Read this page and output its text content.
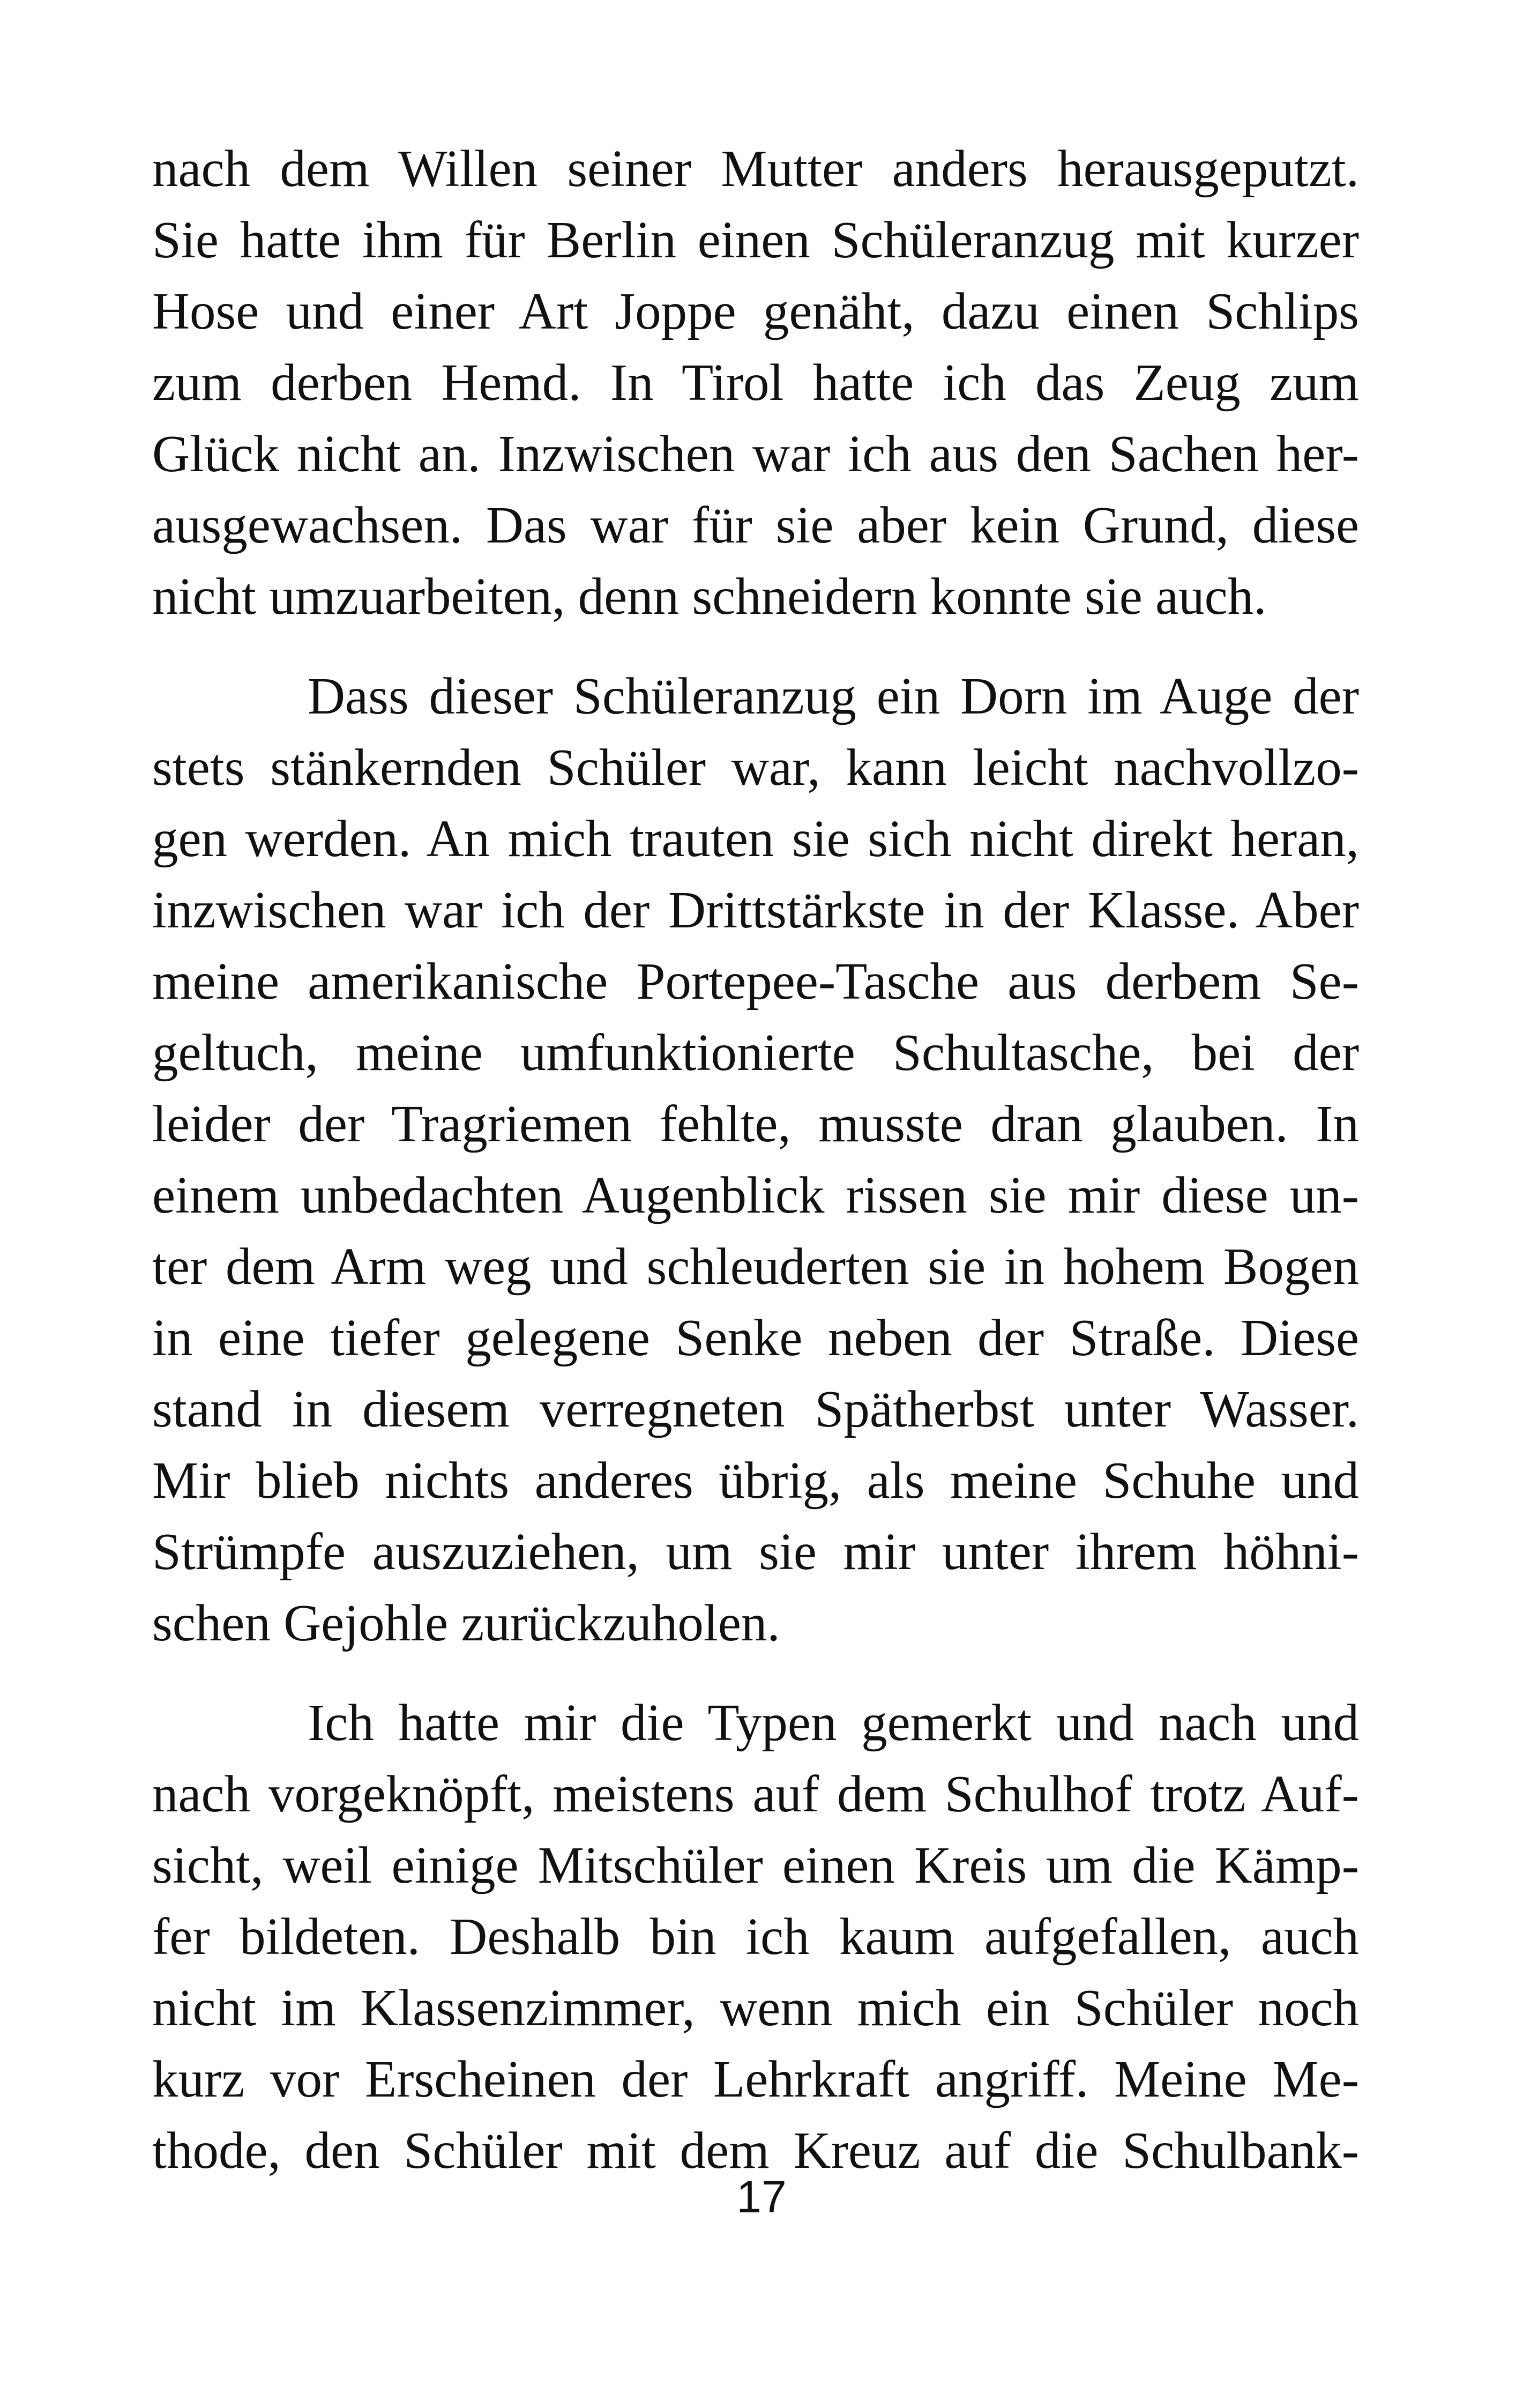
nach dem Willen seiner Mutter anders herausgeputzt.
Sie hatte ihm für Berlin einen Schüleranzug mit kurzer
Hose und einer Art Joppe genäht, dazu einen Schlips
zum derben Hemd. In Tirol hatte ich das Zeug zum
Glück nicht an. Inzwischen war ich aus den Sachen her-
ausgewachsen. Das war für sie aber kein Grund, diese
nicht umzuarbeiten, denn schneidern konnte sie auch.
Dass dieser Schüleranzug ein Dorn im Auge der
stets stänkernden Schüler war, kann leicht nachvollzo-
gen werden. An mich trauten sie sich nicht direkt heran,
inzwischen war ich der Drittstärkste in der Klasse. Aber
meine amerikanische Portepee-Tasche aus derbem Se-
geltuch, meine umfunktionierte Schultasche, bei der
leider der Tragriemen fehlte, musste dran glauben. In
einem unbedachten Augenblick rissen sie mir diese un-
ter dem Arm weg und schleuderten sie in hohem Bogen
in eine tiefer gelegene Senke neben der Straße. Diese
stand in diesem verregneten Spätherbst unter Wasser.
Mir blieb nichts anderes übrig, als meine Schuhe und
Strümpfe auszuziehen, um sie mir unter ihrem höhni-
schen Gejohle zurückzuholen.
Ich hatte mir die Typen gemerkt und nach und
nach vorgeknöpft, meistens auf dem Schulhof trotz Auf-
sicht, weil einige Mitschüler einen Kreis um die Kämp-
fer bildeten. Deshalb bin ich kaum aufgefallen, auch
nicht im Klassenzimmer, wenn mich ein Schüler noch
kurz vor Erscheinen der Lehrkraft angriff. Meine Me-
thode, den Schüler mit dem Kreuz auf die Schulbank-
17
